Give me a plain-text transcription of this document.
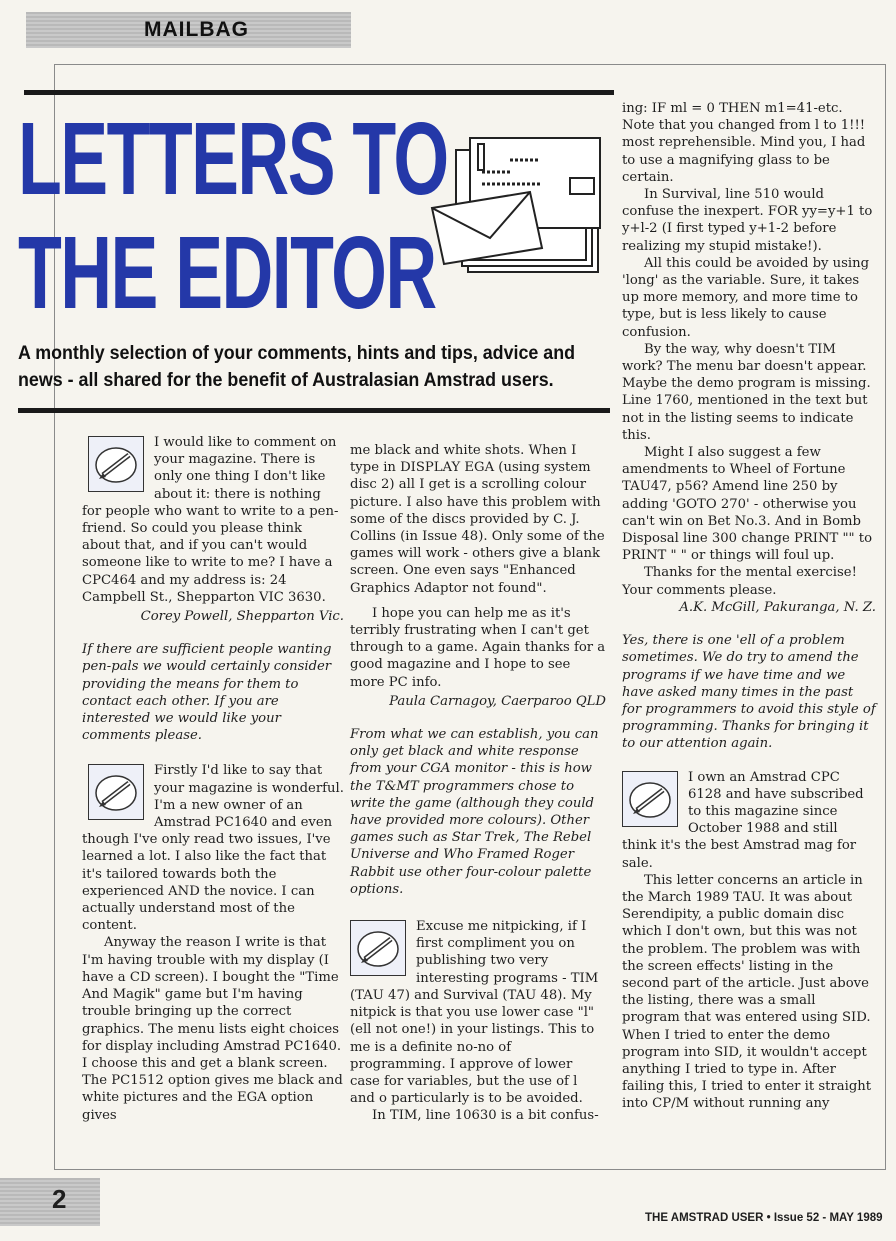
MAILBAG
LETTERS TO
THE EDITOR

A monthly selection of your comments, hints and tips, advice and news - all shared for the benefit of Australasian Amstrad users.

I would like to comment on your magazine. There is only one thing I don't like about it: there is nothing for people who want to write to a pen-friend. So could you please think about that, and if you can't would someone like to write to me? I have a CPC464 and my address is: 24 Campbell St., Shepparton VIC 3630.

Corey Powell, Shepparton Vic.

If there are sufficient people wanting pen-pals we would certainly consider providing the means for them to contact each other. If you are interested we would like your comments please.

Firstly I'd like to say that your magazine is wonderful. I'm a new owner of an Amstrad PC1640 and even though I've only read two issues, I've learned a lot. I also like the fact that it's tailored towards both the experienced AND the novice. I can actually understand most of the content.

Anyway the reason I write is that I'm having trouble with my display (I have a CD screen). I bought the "Time And Magik" game but I'm having trouble bringing up the correct graphics. The menu lists eight choices for display including Amstrad PC1640. I choose this and get a blank screen. The PC1512 option gives me black and white pictures and the EGA option gives

me black and white shots. When I type in DISPLAY EGA (using system disc 2) all I get is a scrolling colour picture. I also have this problem with some of the discs provided by C. J. Collins (in Issue 48). Only some of the games will work - others give a blank screen. One even says "Enhanced Graphics Adaptor not found".

I hope you can help me as it's terribly frustrating when I can't get through to a game. Again thanks for a good magazine and I hope to see more PC info.

Paula Carnagoy, Caerparoo QLD

From what we can establish, you can only get black and white response from your CGA monitor - this is how the T&MT programmers chose to write the game (although they could have provided more colours). Other games such as Star Trek, The Rebel Universe and Who Framed Roger Rabbit use other four-colour palette options.

Excuse me nitpicking, if I first compliment you on publishing two very interesting programs - TIM (TAU 47) and Survival (TAU 48). My nitpick is that you use lower case "l" (ell not one!) in your listings. This to me is a definite no-no of programming. I approve of lower case for variables, but the use of l and o particularly is to be avoided.

In TIM, line 10630 is a bit confus-

ing: IF ml = 0 THEN m1=41-etc. Note that you changed from l to 1!!! most reprehensible. Mind you, I had to use a magnifying glass to be certain.

In Survival, line 510 would confuse the inexpert. FOR yy=y+1 to y+l-2 (I first typed y+1-2 before realizing my stupid mistake!).

All this could be avoided by using 'long' as the variable. Sure, it takes up more memory, and more time to type, but is less likely to cause confusion.

By the way, why doesn't TIM work? The menu bar doesn't appear. Maybe the demo program is missing. Line 1760, mentioned in the text but not in the listing seems to indicate this.

Might I also suggest a few amendments to Wheel of Fortune TAU47, p56? Amend line 250 by adding 'GOTO 270' - otherwise you can't win on Bet No.3. And in Bomb Disposal line 300 change PRINT "" to PRINT " " or things will foul up.

Thanks for the mental exercise! Your comments please.

A.K. McGill, Pakuranga, N. Z.

Yes, there is one 'ell of a problem sometimes. We do try to amend the programs if we have time and we have asked many times in the past for programmers to avoid this style of programming. Thanks for bringing it to our attention again.

I own an Amstrad CPC 6128 and have subscribed to this magazine since October 1988 and still think it's the best Amstrad mag for sale.

This letter concerns an article in the March 1989 TAU. It was about Serendipity, a public domain disc which I don't own, but this was not the problem. The problem was with the screen effects' listing in the second part of the article. Just above the listing, there was a small program that was entered using SID. When I tried to enter the demo program into SID, it wouldn't accept anything I tried to type in. After failing this, I tried to enter it straight into CP/M without running any

2

THE AMSTRAD USER • Issue 52 - MAY 1989
